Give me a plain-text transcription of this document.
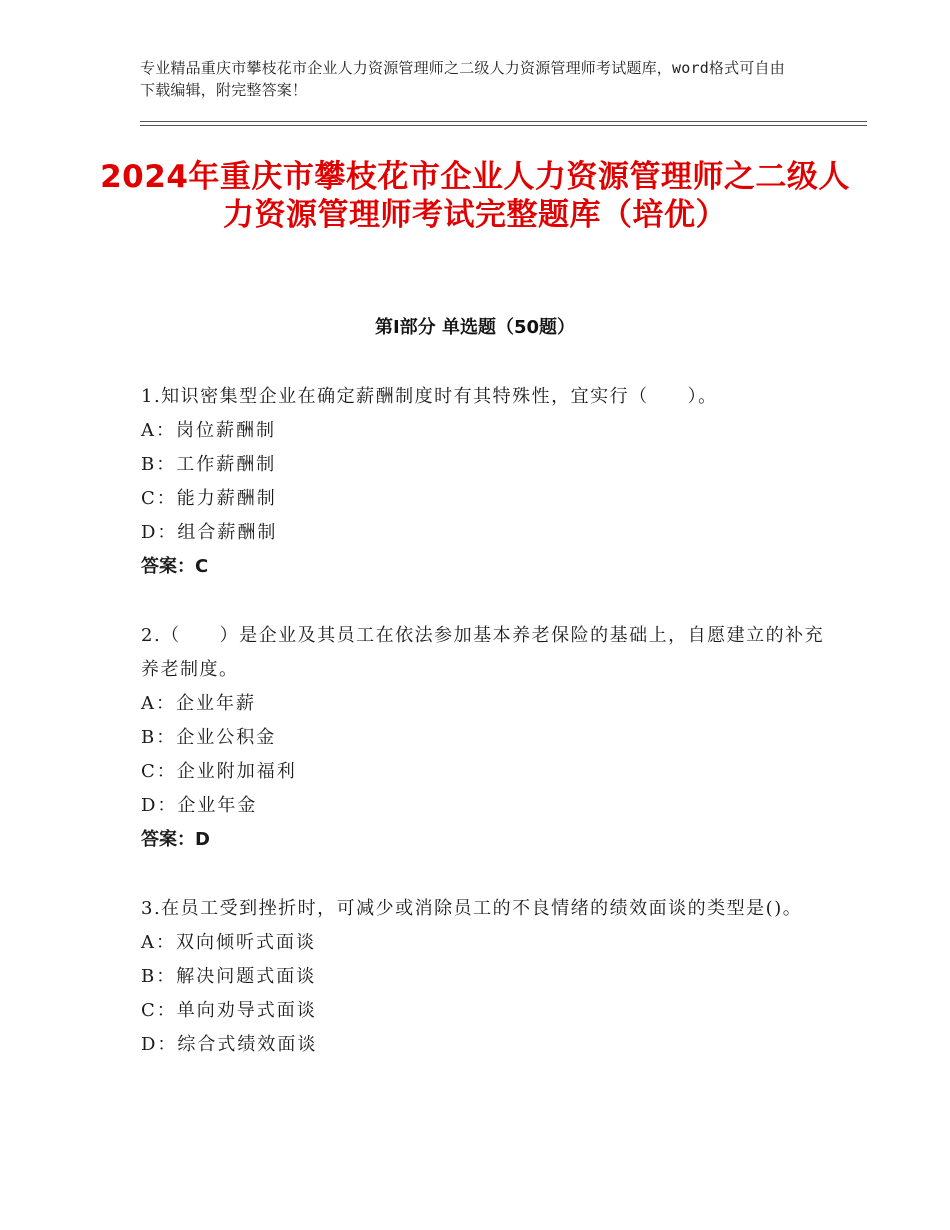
专业精品重庆市攀枝花市企业人力资源管理师之二级人力资源管理师考试题库，word格式可自由下载编辑，附完整答案！
2024年重庆市攀枝花市企业人力资源管理师之二级人力资源管理师考试完整题库（培优）
第Ⅰ部分 单选题（50题）

1.知识密集型企业在确定薪酬制度时有其特殊性，宜实行（　　）。

A：岗位薪酬制

B：工作薪酬制

C：能力薪酬制

D：组合薪酬制

答案：C

2.（　　）是企业及其员工在依法参加基本养老保险的基础上，自愿建立的补充养老制度。

A：企业年薪

B：企业公积金

C：企业附加福利

D：企业年金

答案：D

3.在员工受到挫折时，可减少或消除员工的不良情绪的绩效面谈的类型是()。

A：双向倾听式面谈

B：解决问题式面谈

C：单向劝导式面谈

D：综合式绩效面谈
